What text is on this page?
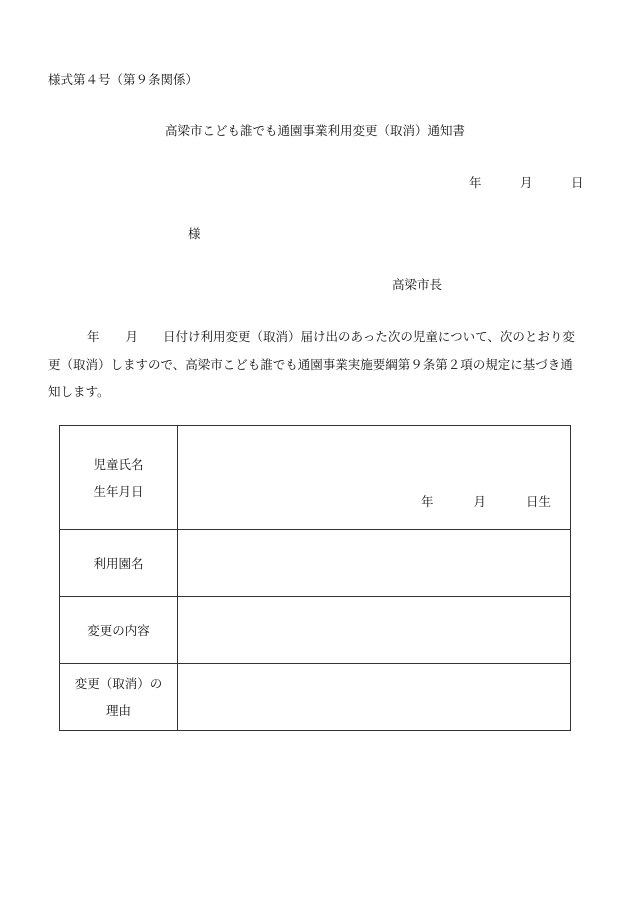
様式第４号（第９条関係）
高梁市こども誰でも通園事業利用変更（取消）通知書
年	月	日
様
高梁市長
年 月 日付け利用変更（取消）届け出のあった次の児童について、次のとおり変
更（取消）しますので、高梁市こども誰でも通園事業実施要綱第９条第２項の規定に基づき通
知します。
児童氏名
生年月日	年 月 日生

利用園名	
変更の内容	

変更（取消）の
理由	
